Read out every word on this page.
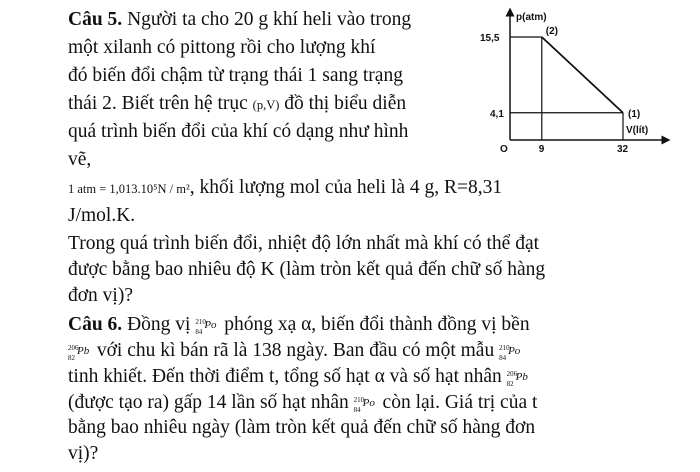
Câu 5. Người ta cho 20 g khí heli vào trong
một xilanh có pittong rồi cho lượng khí
đó biến đổi chậm từ trạng thái 1 sang trạng
thái 2. Biết trên hệ trục (p,V) đồ thị biểu diễn
quá trình biến đổi của khí có dạng như hình
vẽ,
1 atm = 1,013.10⁵N / m², khối lượng mol của heli là 4 g, R=8,31
J/mol.K.
Trong quá trình biến đổi, nhiệt độ lớn nhất mà khí có thể đạt
được bằng bao nhiêu độ K (làm tròn kết quả đến chữ số hàng
đơn vị)?
Câu 6. Đồng vị 210
84
Po phóng xạ α, biến đổi thành đồng vị bền
206
82
Pb với chu kì bán rã là 138 ngày. Ban đầu có một mẫu 210
84
Po
tinh khiết. Đến thời điểm t, tổng số hạt α và số hạt nhân 206
82
Pb
(được tạo ra) gấp 14 lần số hạt nhân 210
84
Po còn lại. Giá trị của t
bằng bao nhiêu ngày (làm tròn kết quả đến chữ số hàng đơn
vị)?
p(atm)
V(lít)
O
(2)
(1)
15,5
4,1
9	32
